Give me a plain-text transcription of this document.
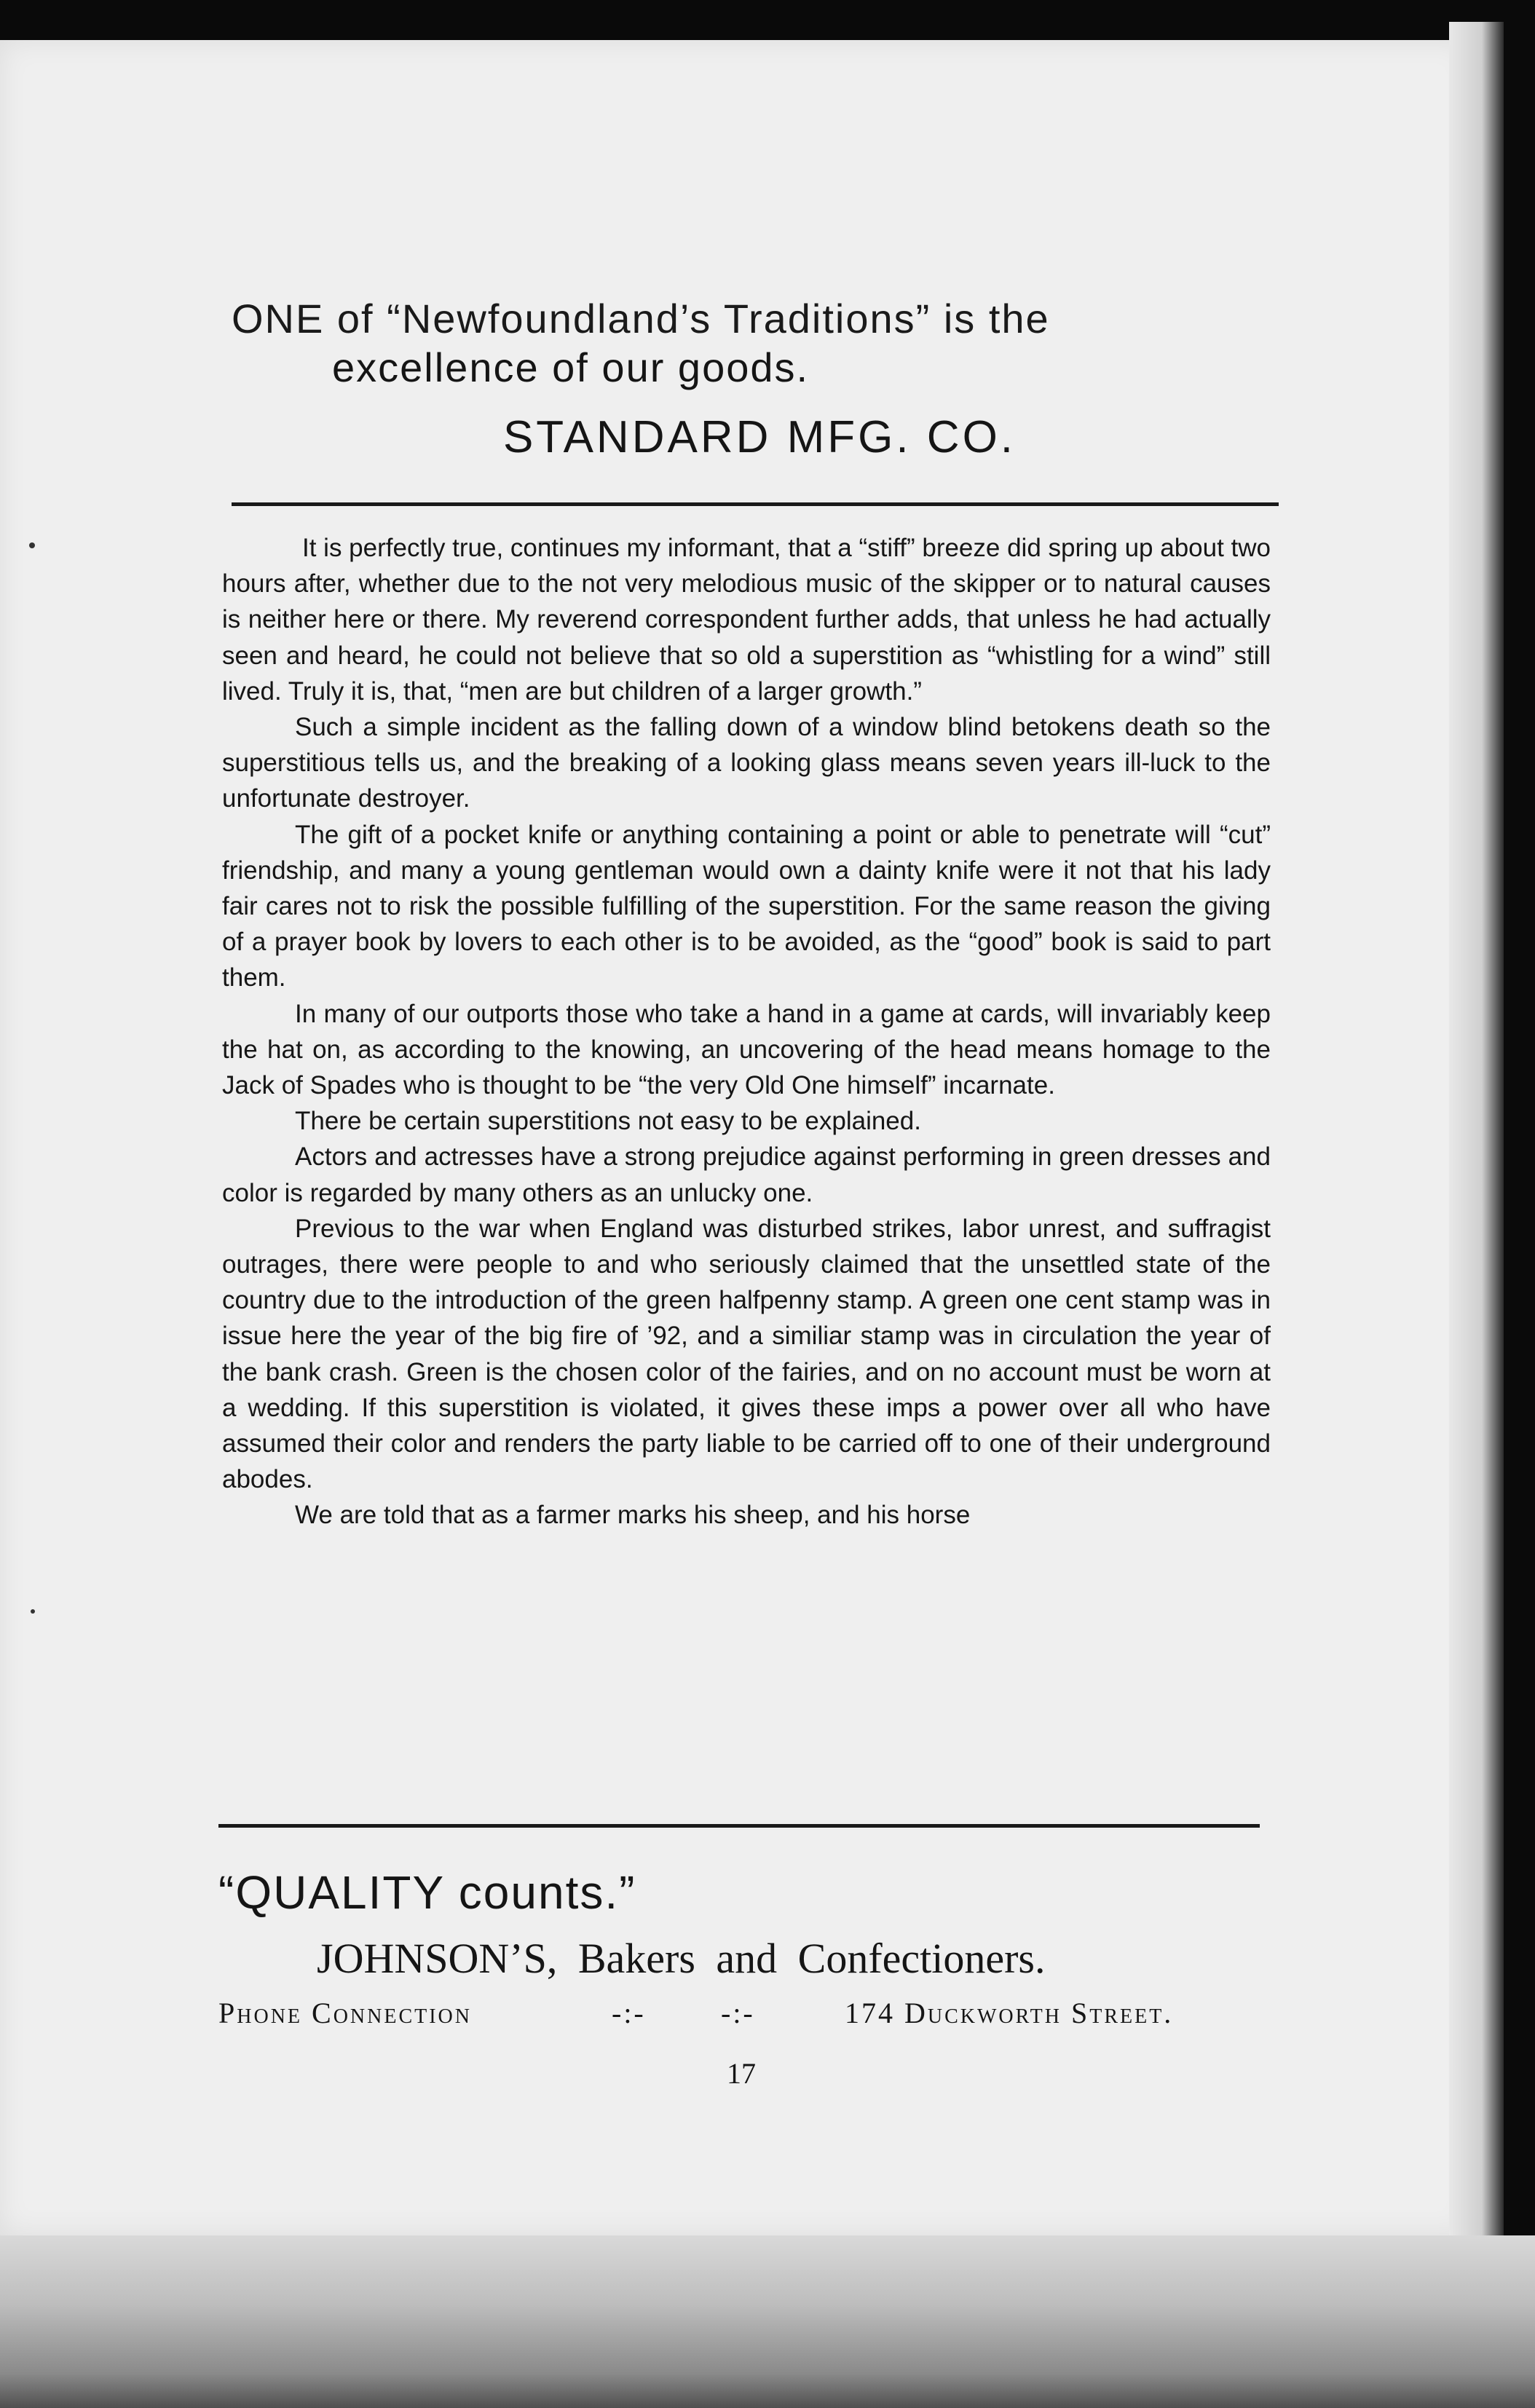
ONE of “Newfoundland’s Traditions” is the
excellence of our goods.
STANDARD MFG. CO.

It is perfectly true, continues my informant, that a “stiff” breeze did spring up about two hours after, whether due to the not very melodious music of the skipper or to natural causes is neither here or there. My reverend correspondent further adds, that unless he had actually seen and heard, he could not believe that so old a superstition as “whistling for a wind” still lived. Truly it is, that, “men are but children of a larger growth.”

Such a simple incident as the falling down of a window blind betokens death so the superstitious tells us, and the breaking of a looking glass means seven years ill-luck to the unfortunate destroyer.

The gift of a pocket knife or anything containing a point or able to penetrate will “cut” friendship, and many a young gentleman would own a dainty knife were it not that his lady fair cares not to risk the possible fulfilling of the superstition. For the same reason the giving of a prayer book by lovers to each other is to be avoided, as the “good” book is said to part them.

In many of our outports those who take a hand in a game at cards, will invariably keep the hat on, as according to the knowing, an uncovering of the head means homage to the Jack of Spades who is thought to be “the very Old One himself” incarnate.

There be certain superstitions not easy to be explained.

Actors and actresses have a strong prejudice against performing in green dresses and color is regarded by many others as an unlucky one.

Previous to the war when England was disturbed strikes, labor unrest, and suffragist outrages, there were people to and who seriously claimed that the unsettled state of the country due to the introduction of the green halfpenny stamp. A green one cent stamp was in issue here the year of the big fire of ’92, and a similiar stamp was in circulation the year of the bank crash. Green is the chosen color of the fairies, and on no account must be worn at a wedding. If this superstition is violated, it gives these imps a power over all who have assumed their color and renders the party liable to be carried off to one of their underground abodes.

We are told that as a farmer marks his sheep, and his horse

“QUALITY counts.”
JOHNSON’S, Bakers and Confectioners.
Phone Connection	-:-	-:-	174 Duckworth Street.
17
